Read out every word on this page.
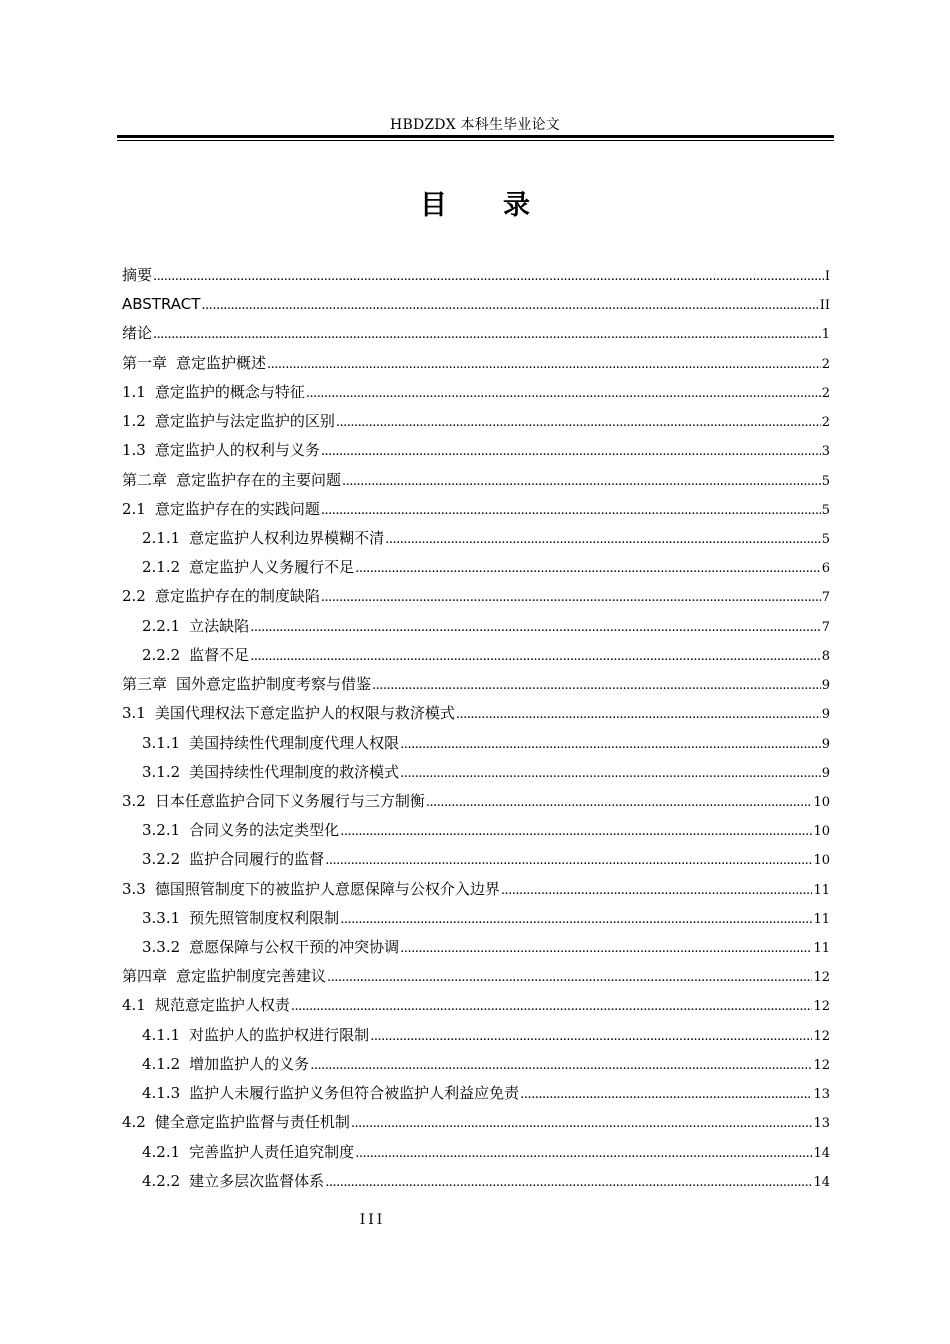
HBDZDX 本科生毕业论文
目录
摘要 .....	I
ABSTRACT .....	II
绪论 .....	1
第一章 意定监护概述 .....	2
1.1 意定监护的概念与特征 .....	2
1.2 意定监护与法定监护的区别 .....	2
1.3 意定监护人的权利与义务 .....	3
第二章 意定监护存在的主要问题 .....	5
2.1 意定监护存在的实践问题 .....	5
2.1.1 意定监护人权利边界模糊不清 .....	5
2.1.2 意定监护人义务履行不足 .....	6
2.2 意定监护存在的制度缺陷 .....	7
2.2.1 立法缺陷 .....	7
2.2.2 监督不足 .....	8
第三章 国外意定监护制度考察与借鉴 .....	9
3.1 美国代理权法下意定监护人的权限与救济模式 .....	9
3.1.1 美国持续性代理制度代理人权限 .....	9
3.1.2 美国持续性代理制度的救济模式 .....	9
3.2 日本任意监护合同下义务履行与三方制衡 .....	10
3.2.1 合同义务的法定类型化 .....	10
3.2.2 监护合同履行的监督 .....	10
3.3 德国照管制度下的被监护人意愿保障与公权介入边界 .....	11
3.3.1 预先照管制度权利限制 .....	11
3.3.2 意愿保障与公权干预的冲突协调 .....	11
第四章 意定监护制度完善建议 .....	12
4.1 规范意定监护人权责 .....	12
4.1.1 对监护人的监护权进行限制 .....	12
4.1.2 增加监护人的义务 .....	12
4.1.3 监护人未履行监护义务但符合被监护人利益应免责 .....	13
4.2 健全意定监护监督与责任机制 .....	13
4.2.1 完善监护人责任追究制度 .....	14
4.2.2 建立多层次监督体系 .....	14
III
